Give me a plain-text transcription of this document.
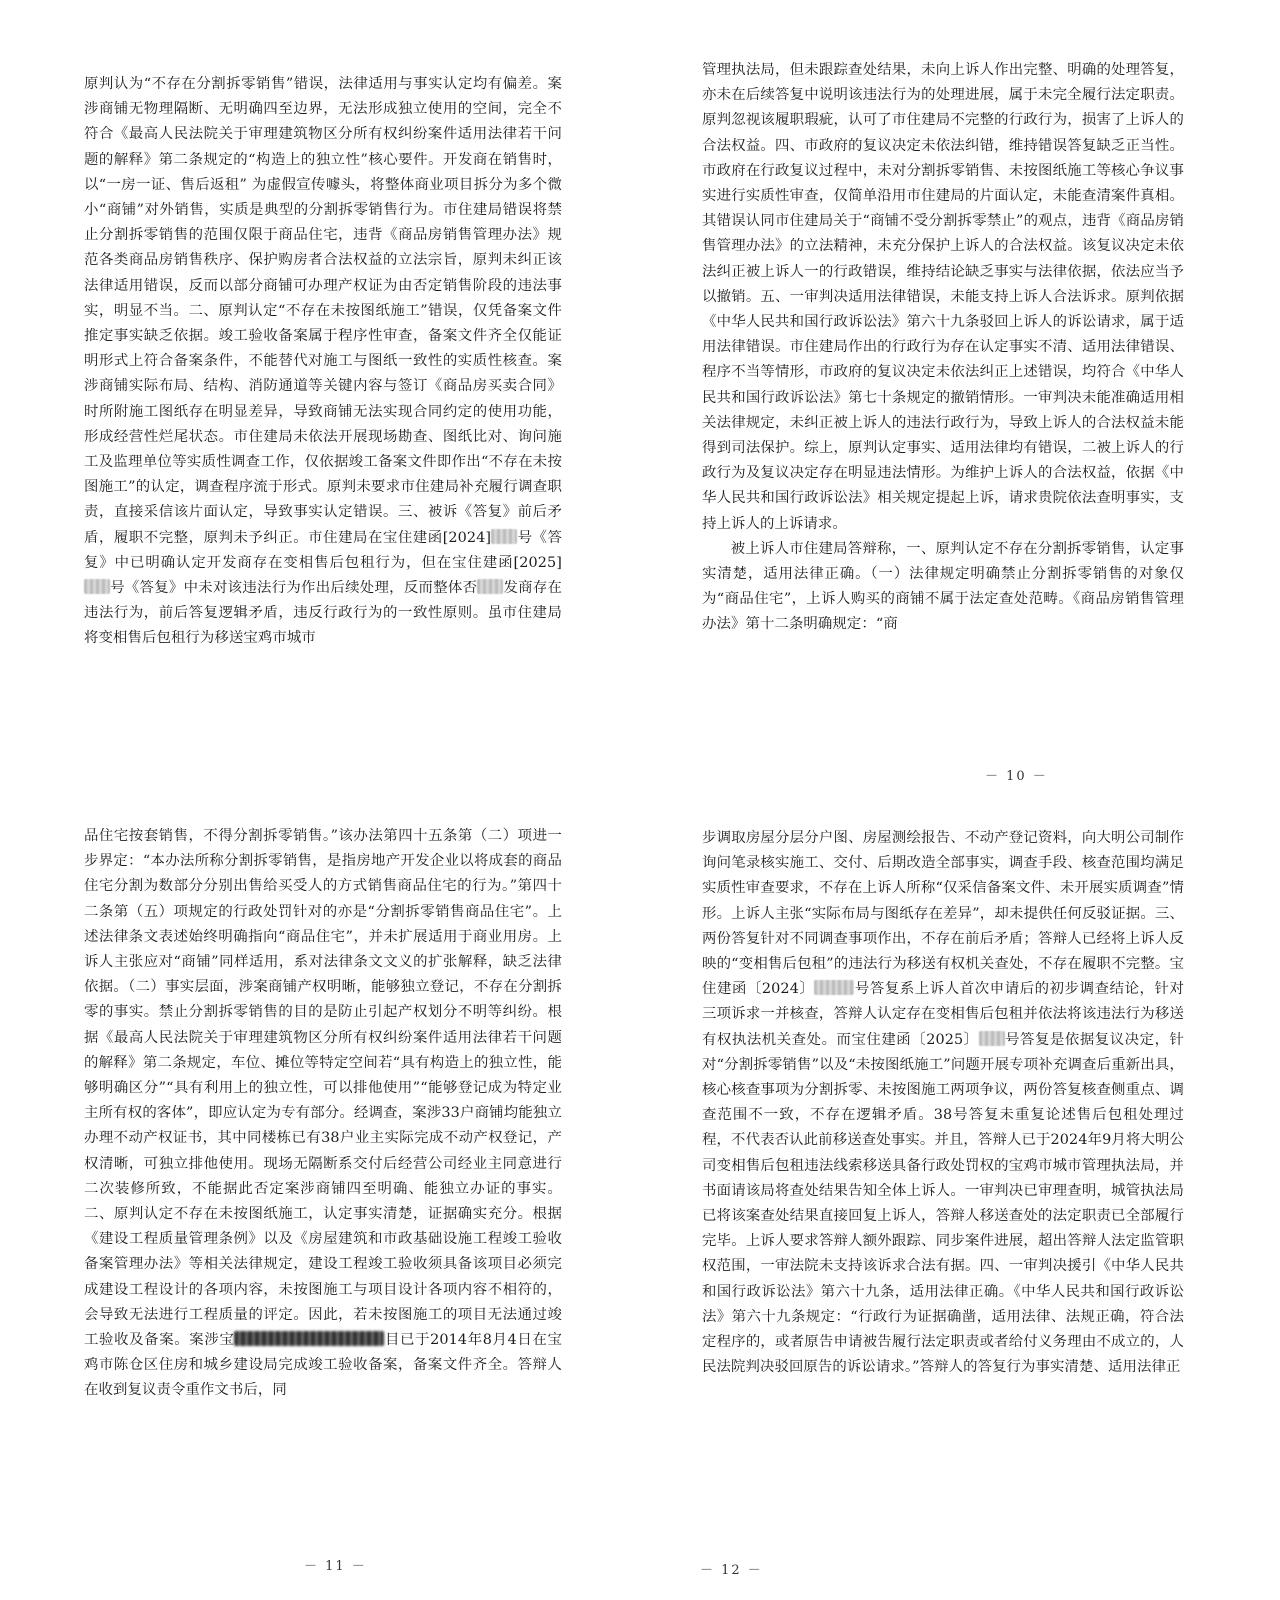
原判认为“不存在分割拆零销售”错误，法律适用与事实认定均有偏差。案涉商铺无物理隔断、无明确四至边界，无法形成独立使用的空间，完全不符合《最高人民法院关于审理建筑物区分所有权纠纷案件适用法律若干问题的解释》第二条规定的“构造上的独立性”核心要件。开发商在销售时，以“一房一证、售后返租” 为虚假宣传噱头，将整体商业项目拆分为多个微小“商铺”对外销售，实质是典型的分割拆零销售行为。市住建局错误将禁止分割拆零销售的范围仅限于商品住宅，违背《商品房销售管理办法》规范各类商品房销售秩序、保护购房者合法权益的立法宗旨，原判未纠正该法律适用错误，反而以部分商铺可办理产权证为由否定销售阶段的违法事实，明显不当。二、原判认定“不存在未按图纸施工”错误，仅凭备案文件推定事实缺乏依据。竣工验收备案属于程序性审查，备案文件齐全仅能证明形式上符合备案条件，不能替代对施工与图纸一致性的实质性核查。案涉商铺实际布局、结构、消防通道等关键内容与签订《商品房买卖合同》时所附施工图纸存在明显差异，导致商铺无法实现合同约定的使用功能，形成经营性烂尾状态。市住建局未依法开展现场勘查、图纸比对、询问施工及监理单位等实质性调查工作，仅依据竣工备案文件即作出“不存在未按图施工”的认定，调查程序流于形式。原判未要求市住建局补充履行调查职责，直接采信该片面认定，导致事实认定错误。三、被诉《答复》前后矛盾，履职不完整，原判未予纠正。市住建局在宝住建函[2024] 号《答复》中已明确认定开发商存在变相售后包租行为，但在宝住建函[2025]号《答复》中未对该违法行为作出后续处理，反而整体否 发商存在违法行为，前后答复逻辑矛盾，违反行政行为的一致性原则。虽市住建局将变相售后包租行为移送宝鸡市城市

管理执法局，但未跟踪查处结果，未向上诉人作出完整、明确的处理答复，亦未在后续答复中说明该违法行为的处理进展，属于未完全履行法定职责。原判忽视该履职瑕疵，认可了市住建局不完整的行政行为，损害了上诉人的合法权益。四、市政府的复议决定未依法纠错，维持错误答复缺乏正当性。市政府在行政复议过程中，未对分割拆零销售、未按图纸施工等核心争议事实进行实质性审查，仅简单沿用市住建局的片面认定，未能查清案件真相。其错误认同市住建局关于“商铺不受分割拆零禁止”的观点，违背《商品房销售管理办法》的立法精神，未充分保护上诉人的合法权益。该复议决定未依法纠正被上诉人一的行政错误，维持结论缺乏事实与法律依据，依法应当予以撤销。五、一审判决适用法律错误，未能支持上诉人合法诉求。原判依据《中华人民共和国行政诉讼法》第六十九条驳回上诉人的诉讼请求，属于适用法律错误。市住建局作出的行政行为存在认定事实不清、适用法律错误、程序不当等情形，市政府的复议决定未依法纠正上述错误，均符合《中华人民共和国行政诉讼法》第七十条规定的撤销情形。一审判决未能准确适用相关法律规定，未纠正被上诉人的违法行政行为，导致上诉人的合法权益未能得到司法保护。综上，原判认定事实、适用法律均有错误，二被上诉人的行政行为及复议决定存在明显违法情形。为维护上诉人的合法权益，依据《中华人民共和国行政诉讼法》相关规定提起上诉，请求贵院依法查明事实，支持上诉人的上诉请求。

被上诉人市住建局答辩称，一、原判认定不存在分割拆零销售，认定事实清楚，适用法律正确。（一）法律规定明确禁止分割拆零销售的对象仅为“商品住宅”，上诉人购买的商铺不属于法定查处范畴。《商品房销售管理办法》第十二条明确规定：“商

－ 10 －

品住宅按套销售，不得分割拆零销售。”该办法第四十五条第（二）项进一步界定：“本办法所称分割拆零销售，是指房地产开发企业以将成套的商品住宅分割为数部分分别出售给买受人的方式销售商品住宅的行为。”第四十二条第（五）项规定的行政处罚针对的亦是“分割拆零销售商品住宅”。上述法律条文表述始终明确指向“商品住宅”，并未扩展适用于商业用房。上诉人主张应对“商铺”同样适用，系对法律条文文义的扩张解释，缺乏法律依据。（二）事实层面，涉案商铺产权明晰，能够独立登记，不存在分割拆零的事实。禁止分割拆零销售的目的是防止引起产权划分不明等纠纷。根据《最高人民法院关于审理建筑物区分所有权纠纷案件适用法律若干问题的解释》第二条规定，车位、摊位等特定空间若“具有构造上的独立性，能够明确区分”“具有利用上的独立性，可以排他使用”“能够登记成为特定业主所有权的客体”，即应认定为专有部分。经调查，案涉33户商铺均能独立办理不动产权证书，其中同楼栋已有38户业主实际完成不动产权登记，产权清晰，可独立排他使用。现场无隔断系交付后经营公司经业主同意进行二次装修所致，不能据此否定案涉商铺四至明确、能独立办证的事实。二、原判认定不存在未按图纸施工，认定事实清楚，证据确实充分。根据《建设工程质量管理条例》以及《房屋建筑和市政基础设施工程竣工验收备案管理办法》等相关法律规定，建设工程竣工验收须具备该项目必须完成建设工程设计的各项内容，未按图施工与项目设计各项内容不相符的，会导致无法进行工程质量的评定。因此，若未按图施工的项目无法通过竣工验收及备案。案涉宝	目已于2014年8月4日在宝鸡市陈仓区住房和城乡建设局完成竣工验收备案，备案文件齐全。答辩人在收到复议责令重作文书后，同

－ 11 －

步调取房屋分层分户图、房屋测绘报告、不动产登记资料，向大明公司制作询问笔录核实施工、交付、后期改造全部事实，调查手段、核查范围均满足实质性审查要求，不存在上诉人所称“仅采信备案文件、未开展实质调查”情形。上诉人主张“实际布局与图纸存在差异”，却未提供任何反驳证据。三、两份答复针对不同调查事项作出，不存在前后矛盾；答辩人已经将上诉人反映的“变相售后包租”的违法行为移送有权机关查处，不存在履职不完整。宝住建函〔2024〕	号答复系上诉人首次申请后的初步调查结论，针对三项诉求一并核查，答辩人认定存在变相售后包租并依法将该违法行为移送有权执法机关查处。而宝住建函〔2025〕 号答复是依据复议决定，针对“分割拆零销售”以及“未按图纸施工”问题开展专项补充调查后重新出具，核心核查事项为分割拆零、未按图施工两项争议，两份答复核查侧重点、调查范围不一致，不存在逻辑矛盾。38号答复未重复论述售后包租处理过程，不代表否认此前移送查处事实。并且，答辩人已于2024年9月将大明公司变相售后包租违法线索移送具备行政处罚权的宝鸡市城市管理执法局，并书面请该局将查处结果告知全体上诉人。一审判决已审理查明，城管执法局已将该案查处结果直接回复上诉人，答辩人移送查处的法定职责已全部履行完毕。上诉人要求答辩人额外跟踪、同步案件进展，超出答辩人法定监管职权范围，一审法院未支持该诉求合法有据。四、一审判决援引《中华人民共和国行政诉讼法》第六十九条，适用法律正确。《中华人民共和国行政诉讼法》第六十九条规定：“行政行为证据确凿，适用法律、法规正确，符合法定程序的，或者原告申请被告履行法定职责或者给付义务理由不成立的，人民法院判决驳回原告的诉讼请求。”答辩人的答复行为事实清楚、适用法律正

－ 12 －
